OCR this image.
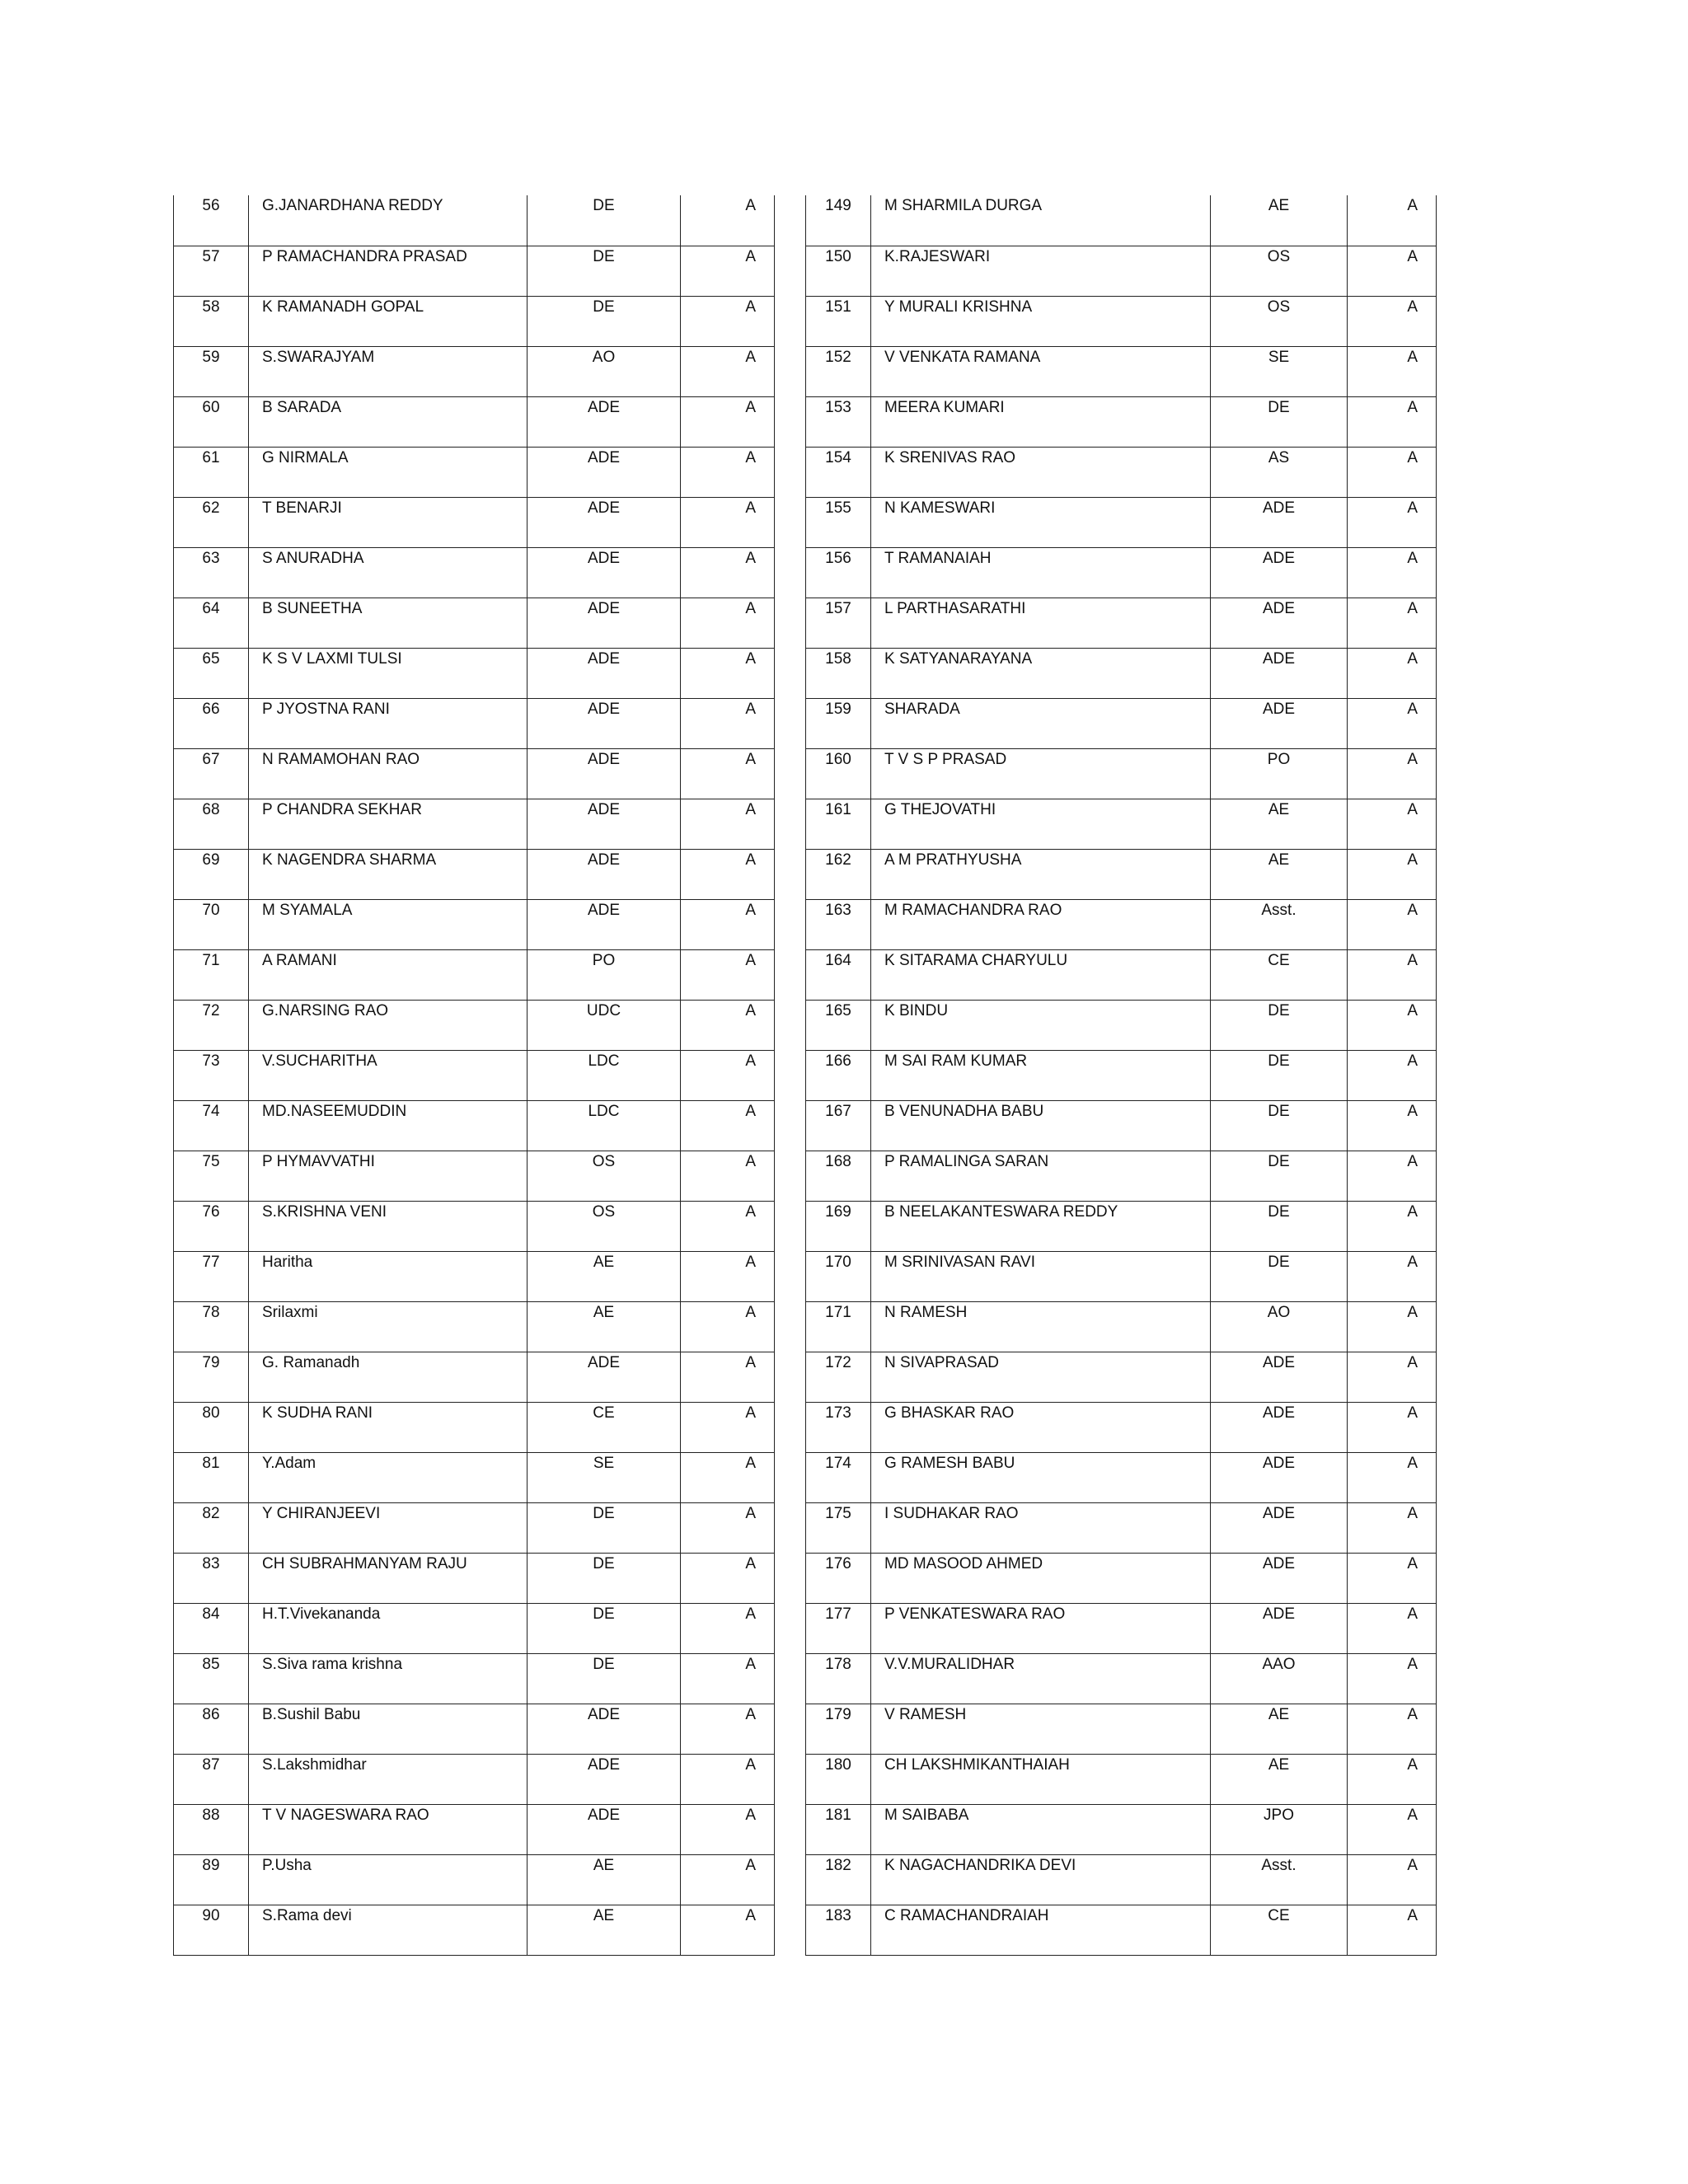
56	G.JANARDHANA REDDY	DE	A

57	P RAMACHANDRA PRASAD	DE	A

58	K RAMANADH GOPAL	DE	A

59	S.SWARAJYAM	AO	A

60	B SARADA	ADE	A

61	G NIRMALA	ADE	A

62	T BENARJI	ADE	A

63	S ANURADHA	ADE	A

64	B SUNEETHA	ADE	A

65	K S V LAXMI TULSI	ADE	A

66	P JYOSTNA RANI	ADE	A

67	N RAMAMOHAN RAO	ADE	A

68	P CHANDRA SEKHAR	ADE	A

69	K NAGENDRA SHARMA	ADE	A

70	M SYAMALA	ADE	A

71	A RAMANI	PO	A

72	G.NARSING RAO	UDC	A

73	V.SUCHARITHA	LDC	A

74	MD.NASEEMUDDIN	LDC	A

75	P HYMAVVATHI	OS	A

76	S.KRISHNA VENI	OS	A

77	Haritha	AE	A

78	Srilaxmi	AE	A

79	G. Ramanadh	ADE	A

80	K SUDHA RANI	CE	A

81	Y.Adam	SE	A

82	Y CHIRANJEEVI	DE	A

83	CH SUBRAHMANYAM RAJU	DE	A

84	H.T.Vivekananda	DE	A

85	S.Siva rama krishna	DE	A

86	B.Sushil Babu	ADE	A

87	S.Lakshmidhar	ADE	A

88	T V NAGESWARA RAO	ADE	A

89	P.Usha	AE	A

90	S.Rama devi	AE	A
149	M SHARMILA DURGA	AE	A

150	K.RAJESWARI	OS	A

151	Y MURALI KRISHNA	OS	A

152	V VENKATA RAMANA	SE	A

153	MEERA KUMARI	DE	A

154	K SRENIVAS RAO	AS	A

155	N KAMESWARI	ADE	A

156	T RAMANAIAH	ADE	A

157	L PARTHASARATHI	ADE	A

158	K SATYANARAYANA	ADE	A

159	SHARADA	ADE	A

160	T V S P PRASAD	PO	A

161	G THEJOVATHI	AE	A

162	A M PRATHYUSHA	AE	A

163	M RAMACHANDRA RAO	Asst.	A

164	K SITARAMA CHARYULU	CE	A

165	K BINDU	DE	A

166	M SAI RAM KUMAR	DE	A

167	B VENUNADHA BABU	DE	A

168	P RAMALINGA SARAN	DE	A

169	B NEELAKANTESWARA REDDY	DE	A

170	M SRINIVASAN RAVI	DE	A

171	N RAMESH	AO	A

172	N SIVAPRASAD	ADE	A

173	G BHASKAR RAO	ADE	A

174	G RAMESH BABU	ADE	A

175	I SUDHAKAR RAO	ADE	A

176	MD MASOOD AHMED	ADE	A

177	P VENKATESWARA RAO	ADE	A

178	V.V.MURALIDHAR	AAO	A

179	V RAMESH	AE	A

180	CH LAKSHMIKANTHAIAH	AE	A

181	M SAIBABA	JPO	A

182	K NAGACHANDRIKA DEVI	Asst.	A

183	C RAMACHANDRAIAH	CE	A
